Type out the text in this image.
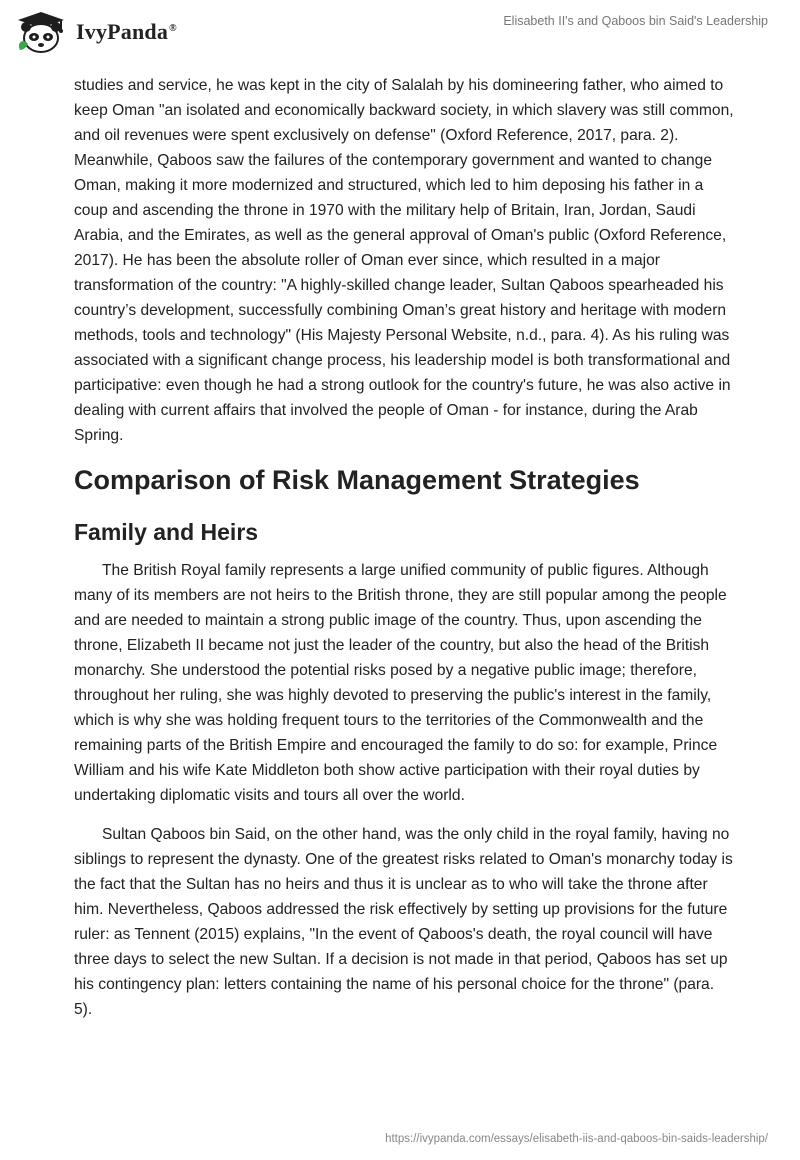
IvyPanda®
Elisabeth II's and Qaboos bin Said's Leadership

studies and service, he was kept in the city of Salalah by his domineering father, who aimed to keep Oman "an isolated and economically backward society, in which slavery was still common, and oil revenues were spent exclusively on defense" (Oxford Reference, 2017, para. 2). Meanwhile, Qaboos saw the failures of the contemporary government and wanted to change Oman, making it more modernized and structured, which led to him deposing his father in a coup and ascending the throne in 1970 with the military help of Britain, Iran, Jordan, Saudi Arabia, and the Emirates, as well as the general approval of Oman's public (Oxford Reference, 2017). He has been the absolute roller of Oman ever since, which resulted in a major transformation of the country: "A highly-skilled change leader, Sultan Qaboos spearheaded his country’s development, successfully combining Oman’s great history and heritage with modern methods, tools and technology" (His Majesty Personal Website, n.d., para. 4). As his ruling was associated with a significant change process, his leadership model is both transformational and participative: even though he had a strong outlook for the country's future, he was also active in dealing with current affairs that involved the people of Oman - for instance, during the Arab Spring.

Comparison of Risk Management Strategies
Family and Heirs

The British Royal family represents a large unified community of public figures. Although many of its members are not heirs to the British throne, they are still popular among the people and are needed to maintain a strong public image of the country. Thus, upon ascending the throne, Elizabeth II became not just the leader of the country, but also the head of the British monarchy. She understood the potential risks posed by a negative public image; therefore, throughout her ruling, she was highly devoted to preserving the public's interest in the family, which is why she was holding frequent tours to the territories of the Commonwealth and the remaining parts of the British Empire and encouraged the family to do so: for example, Prince William and his wife Kate Middleton both show active participation with their royal duties by undertaking diplomatic visits and tours all over the world.

Sultan Qaboos bin Said, on the other hand, was the only child in the royal family, having no siblings to represent the dynasty. One of the greatest risks related to Oman's monarchy today is the fact that the Sultan has no heirs and thus it is unclear as to who will take the throne after him. Nevertheless, Qaboos addressed the risk effectively by setting up provisions for the future ruler: as Tennent (2015) explains, "In the event of Qaboos's death, the royal council will have three days to select the new Sultan. If a decision is not made in that period, Qaboos has set up his contingency plan: letters containing the name of his personal choice for the throne" (para. 5).

https://ivypanda.com/essays/elisabeth-iis-and-qaboos-bin-saids-leadership/
